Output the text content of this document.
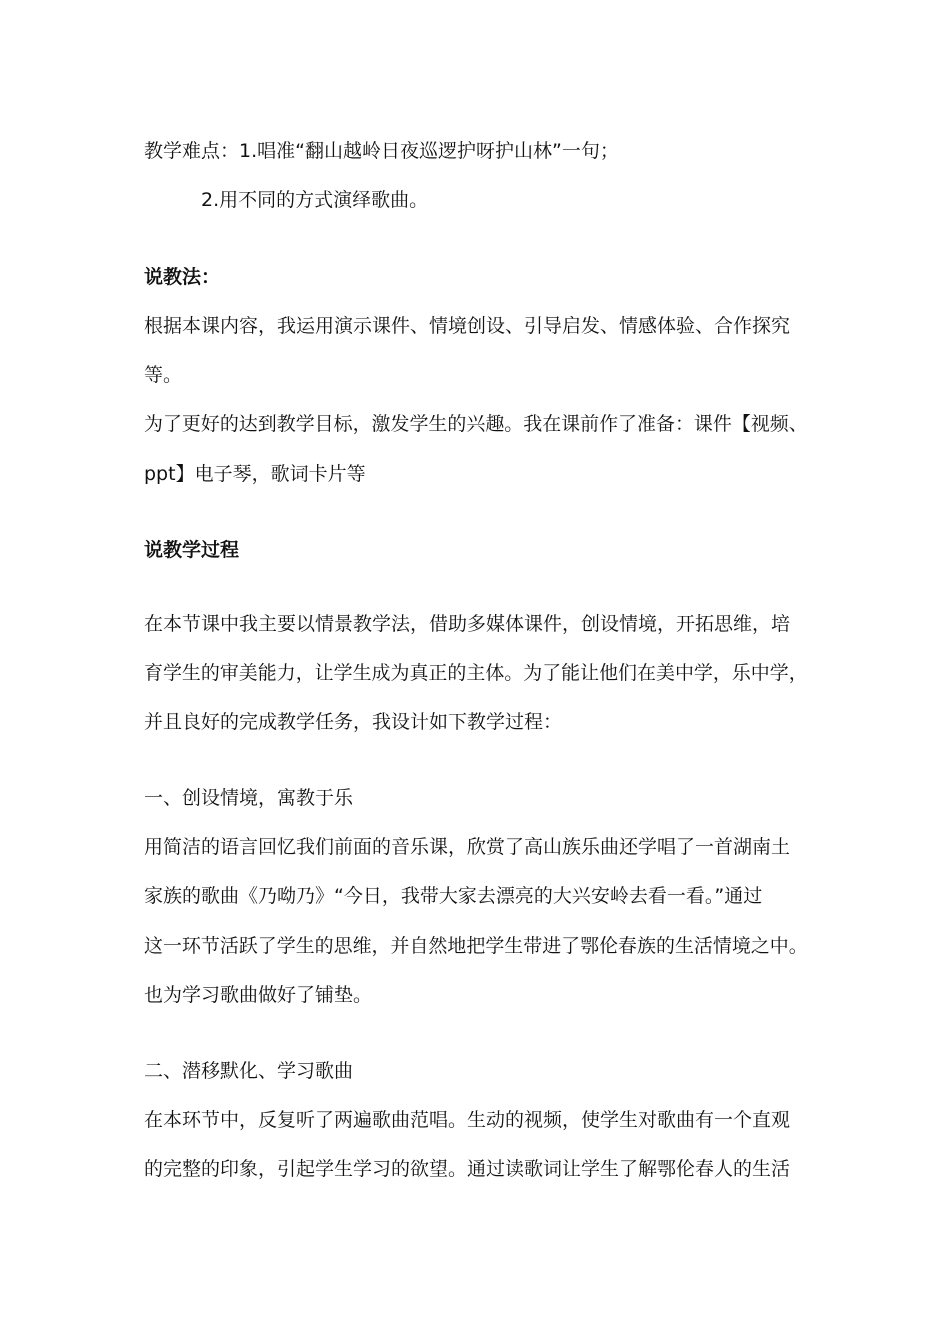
教学难点：1.唱准“翻山越岭日夜巡逻护呀护山林”一句；
2.用不同的方式演绎歌曲。
说教法：
根据本课内容，我运用演示课件、情境创设、引导启发、情感体验、合作探究
等。
为了更好的达到教学目标，激发学生的兴趣。我在课前作了准备：课件【视频、
ppt】电子琴，歌词卡片等
说教学过程
在本节课中我主要以情景教学法，借助多媒体课件，创设情境，开拓思维，培
育学生的审美能力，让学生成为真正的主体。为了能让他们在美中学，乐中学，
并且良好的完成教学任务，我设计如下教学过程：
一、创设情境，寓教于乐
用简洁的语言回忆我们前面的音乐课，欣赏了高山族乐曲还学唱了一首湖南土
家族的歌曲《乃呦乃》“今日，我带大家去漂亮的大兴安岭去看一看。”通过
这一环节活跃了学生的思维，并自然地把学生带进了鄂伦春族的生活情境之中。
也为学习歌曲做好了铺垫。
二、潜移默化、学习歌曲
在本环节中，反复听了两遍歌曲范唱。生动的视频，使学生对歌曲有一个直观
的完整的印象，引起学生学习的欲望。通过读歌词让学生了解鄂伦春人的生活
